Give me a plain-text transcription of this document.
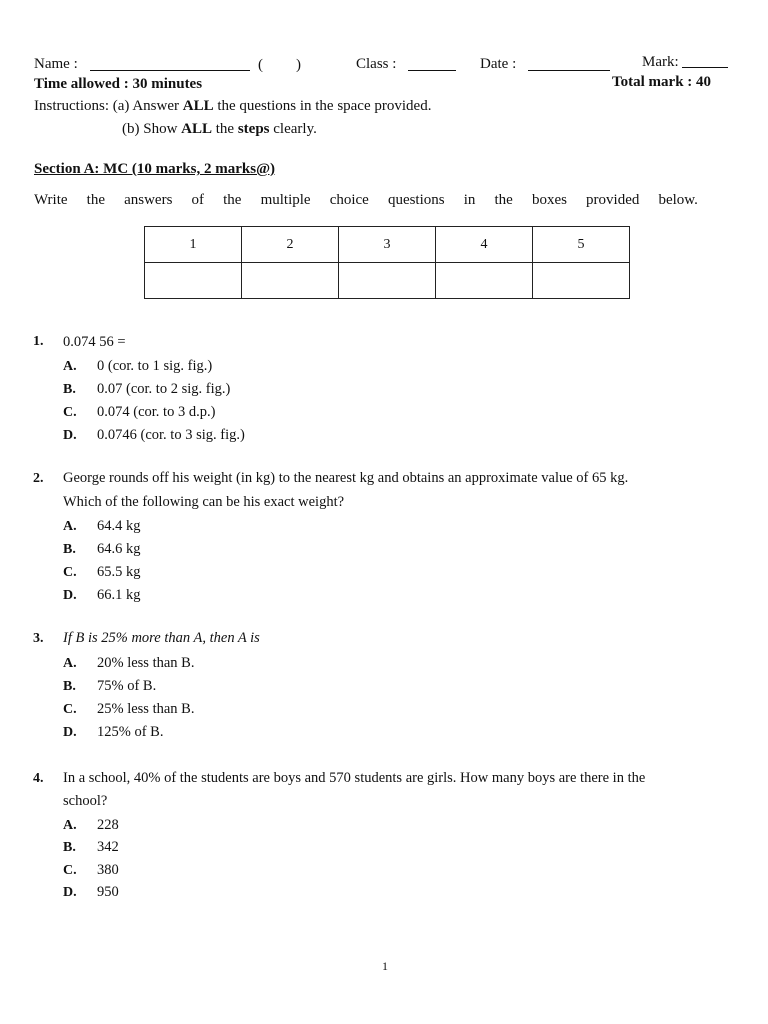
Name :	( )	Class :	Date :	Mark:
Time allowed : 30 minutes	Total mark : 40
Instructions: (a) Answer ALL the questions in the space provided.
(b) Show ALL the steps clearly.
Section A: MC (10 marks, 2 marks@)
Write the answers of the multiple choice questions in the boxes provided below.
1	2	3	4	5

1. 0.074 56 =
A. 0 (cor. to 1 sig. fig.)
B. 0.07 (cor. to 2 sig. fig.)
C. 0.074 (cor. to 3 d.p.)
D. 0.0746 (cor. to 3 sig. fig.)
2. George rounds off his weight (in kg) to the nearest kg and obtains an approximate value of 65 kg.
Which of the following can be his exact weight?
A. 64.4 kg
B. 64.6 kg
C. 65.5 kg
D. 66.1 kg
3. If B is 25% more than A, then A is
A. 20% less than B.
B. 75% of B.
C. 25% less than B.
D. 125% of B.
4. In a school, 40% of the students are boys and 570 students are girls. How many boys are there in the
school?
A. 228
B. 342
C. 380
D. 950
1
